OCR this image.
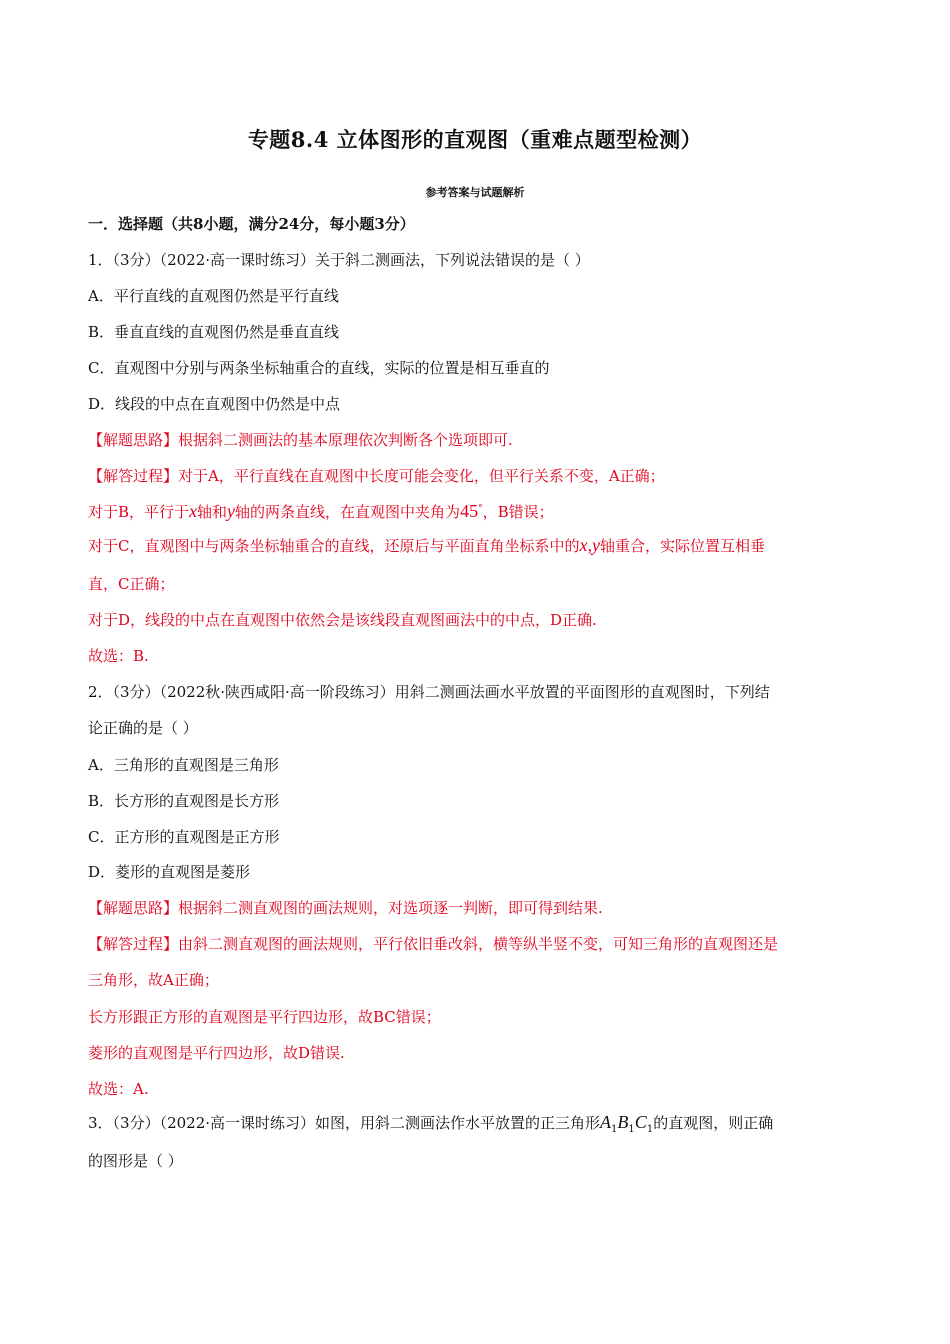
专题8.4 立体图形的直观图（重难点题型检测）
参考答案与试题解析
一．选择题（共8小题，满分24分，每小题3分）
1．（3分）（2022·高一课时练习）关于斜二测画法，下列说法错误的是（ ）
A．平行直线的直观图仍然是平行直线
B．垂直直线的直观图仍然是垂直直线
C．直观图中分别与两条坐标轴重合的直线，实际的位置是相互垂直的
D．线段的中点在直观图中仍然是中点
【解题思路】根据斜二测画法的基本原理依次判断各个选项即可.
【解答过程】对于A，平行直线在直观图中长度可能会变化，但平行关系不变，A正确；
对于B，平行于x轴和y轴的两条直线，在直观图中夹角为45°，B错误；
对于C，直观图中与两条坐标轴重合的直线，还原后与平面直角坐标系中的x,y轴重合，实际位置互相垂
直，C正确；
对于D，线段的中点在直观图中依然会是该线段直观图画法中的中点，D正确.
故选：B.
2．（3分）（2022秋·陕西咸阳·高一阶段练习）用斜二测画法画水平放置的平面图形的直观图时，下列结
论正确的是（ ）
A．三角形的直观图是三角形
B．长方形的直观图是长方形
C．正方形的直观图是正方形
D．菱形的直观图是菱形
【解题思路】根据斜二测直观图的画法规则，对选项逐一判断，即可得到结果.
【解答过程】由斜二测直观图的画法规则，平行依旧垂改斜，横等纵半竖不变，可知三角形的直观图还是
三角形，故A正确；
长方形跟正方形的直观图是平行四边形，故BC错误；
菱形的直观图是平行四边形，故D错误.
故选：A.
3．（3分）（2022·高一课时练习）如图，用斜二测画法作水平放置的正三角形$A_1B_1C_1$的直观图，则正确
的图形是（ ）
